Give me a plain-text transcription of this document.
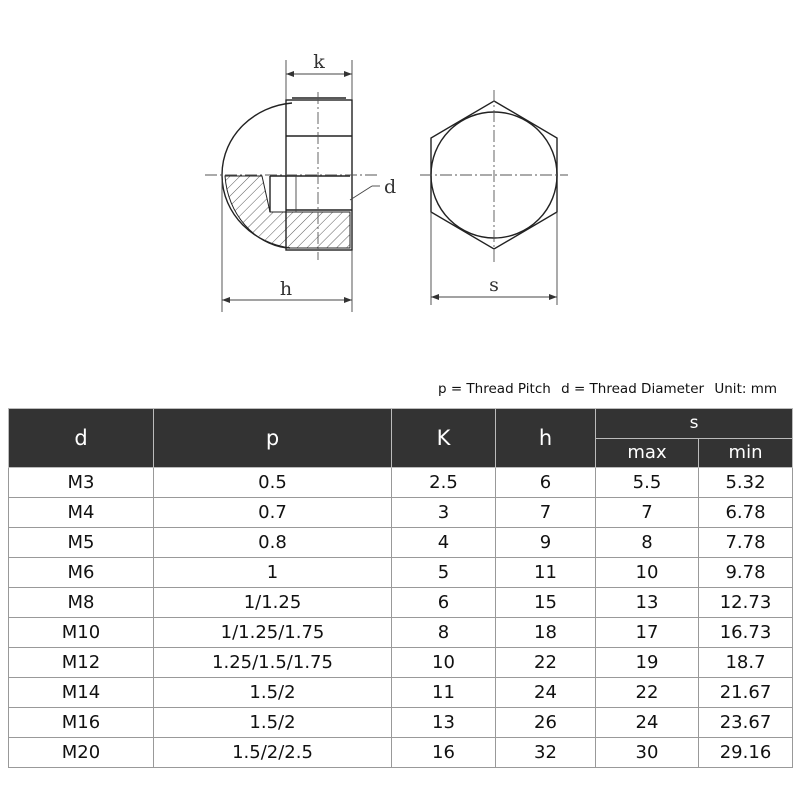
k
d
h	s
p = Thread Pitch d = Thread Diameter Unit: mm
d	p	K	h	s	
				max	min
M3	0.5	2.5	6	5.5	5.32
M4	0.7	3	7	7	6.78
M5	0.8	4	9	8	7.78
M6	1	5	11	10	9.78
M8	1/1.25	6	15	13	12.73
M10	1/1.25/1.75	8	18	17	16.73
M12	1.25/1.5/1.75	10	22	19	18.7
M14	1.5/2	11	24	22	21.67
M16	1.5/2	13	26	24	23.67
M20	1.5/2/2.5	16	32	30	29.16
